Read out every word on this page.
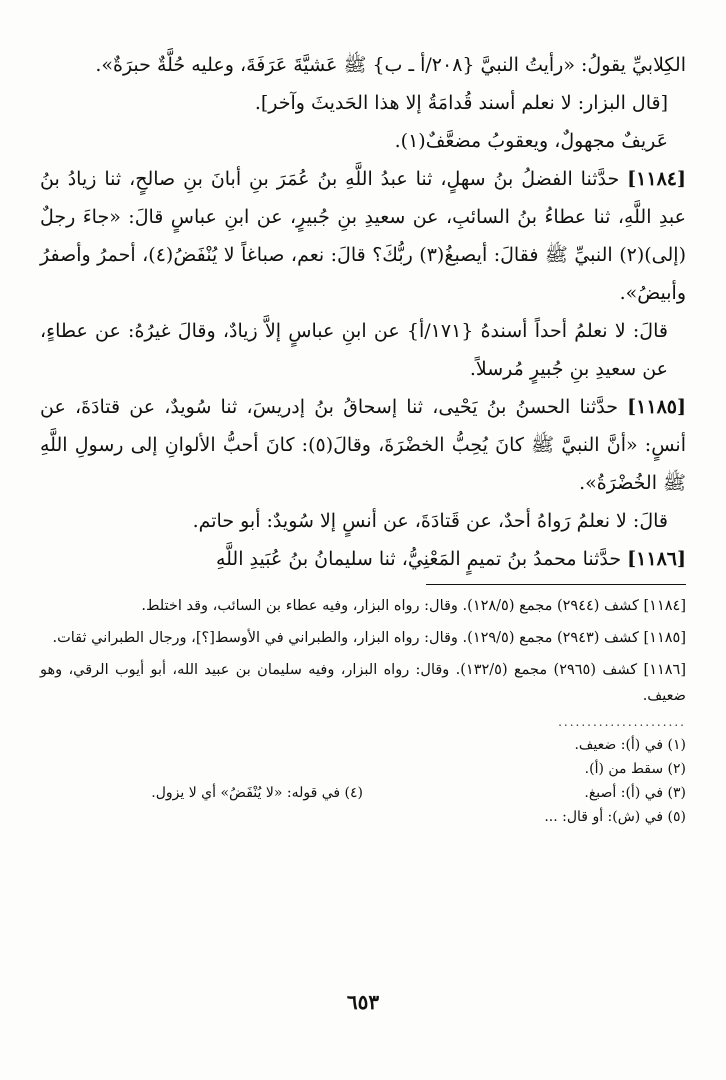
الكِلابيِّ يقولُ: «رأيتُ النبيَّ {٢٠٨/أ ـ ب} ﷺ عَشيَّةَ عَرَفَةَ، وعليه حُلَّةٌ حبرَةٌ».

[قال البزار: لا نعلم أسند قُدامَةُ إلا هذا الحَديثَ وآخر].

عَريفٌ مجهولٌ، ويعقوبُ مضعَّفٌ(١).

[١١٨٤] حدَّثنا الفضلُ بنُ سهلٍ، ثنا عبدُ اللَّهِ بنُ عُمَرَ بنِ أبانَ بنِ صالحٍ، ثنا زيادُ بنُ عبدِ اللَّهِ، ثنا عطاءُ بنُ السائبِ، عن سعيدِ بنِ جُبيرٍ، عن ابنِ عباسٍ قالَ: «جاءَ رجلٌ (إلى)(٢) النبيِّ ﷺ فقالَ: أيصبغُ(٣) ربُّكَ؟ قالَ: نعم، صباغاً لا يُنْفَضُ(٤)، أحمرُ وأصفرُ وأبيضُ».

قالَ: لا نعلمُ أحداً أسندهُ {١٧١/أ} عن ابنِ عباسٍ إلاَّ زيادٌ، وقالَ غيرُهُ: عن عطاءٍ، عن سعيدِ بنِ جُبيرٍ مُرسلاً.

[١١٨٥] حدَّثنا الحسنُ بنُ يَحْيى، ثنا إسحاقُ بنُ إدريسَ، ثنا سُويدٌ، عن قتادَةَ، عن أنسٍ: «أنَّ النبيَّ ﷺ كانَ يُحِبُّ الخضْرَةَ، وقالَ(٥): كانَ أحبُّ الألوانِ إلى رسولِ اللَّهِ ﷺ الخُضْرَةُ».

قالَ: لا نعلمُ رَواهُ أحدٌ، عن قَتادَةَ، عن أنسٍ إلا سُويدٌ: أبو حاتم.

[١١٨٦] حدَّثنا محمدُ بنُ تميمٍ المَعْنِيُّ، ثنا سليمانُ بنُ عُبَيدِ اللَّهِ

[١١٨٤] كشف (٢٩٤٤) مجمع (١٢٨/٥). وقال: رواه البزار، وفيه عطاء بن السائب، وقد اختلط.

[١١٨٥] كشف (٢٩٤٣) مجمع (١٢٩/٥). وقال: رواه البزار، والطبراني في الأوسط[؟]، ورجال الطبراني ثقات.

[١١٨٦] كشف (٢٩٦٥) مجمع (١٣٢/٥). وقال: رواه البزار، وفيه سليمان بن عبيد الله، أبو أيوب الرقي، وهو ضعيف.

......................
(١) في (أ): ضعيف.
(٢) سقط من (أ).
(٣) في (أ): أصبغ.
(٥) في (ش): أو قال: ...

(٤) في قوله: «لا يُنْفَضُ» أي لا يزول.
٦٥٣
